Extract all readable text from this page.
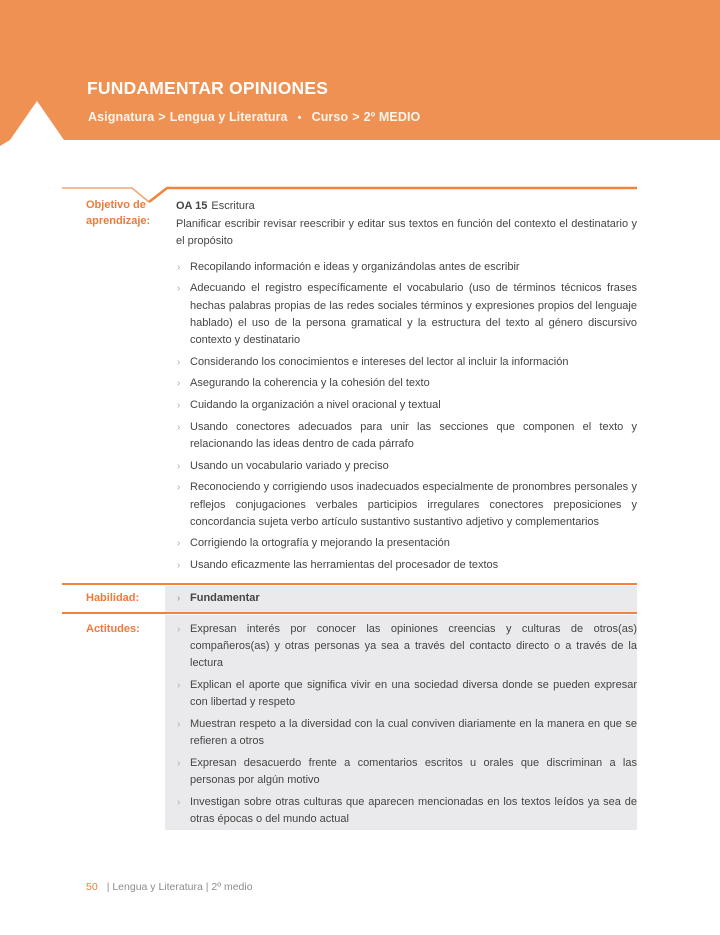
FUNDAMENTAR OPINIONES
Asignatura > Lengua y Literatura • Curso > 2º MEDIO
Objetivo de aprendizaje:

OA 15 Escritura

Planificar escribir revisar reescribir y editar sus textos en función del contexto el destinatario y el propósito

› Recopilando información e ideas y organizándolas antes de escribir
› Adecuando el registro específicamente el vocabulario (uso de términos técnicos frases hechas palabras propias de las redes sociales términos y expresiones propios del lenguaje hablado) el uso de la persona gramatical y la estructura del texto al género discursivo contexto y destinatario
› Considerando los conocimientos e intereses del lector al incluir la información
› Asegurando la coherencia y la cohesión del texto
› Cuidando la organización a nivel oracional y textual
› Usando conectores adecuados para unir las secciones que componen el texto y relacionando las ideas dentro de cada párrafo
› Usando un vocabulario variado y preciso
› Reconociendo y corrigiendo usos inadecuados especialmente de pronombres personales y reflejos conjugaciones verbales participios irregulares conectores preposiciones y concordancia sujeta verbo artículo sustantivo sustantivo adjetivo y complementarios
› Corrigiendo la ortografía y mejorando la presentación
› Usando eficazmente las herramientas del procesador de textos
Habilidad:	› Fundamentar
Actitudes:	› Expresan interés por conocer las opiniones creencias y culturas de otros(as) compañeros(as) y otras personas ya sea a través del contacto directo o a través de la lectura
› Explican el aporte que significa vivir en una sociedad diversa donde se pueden expresar con libertad y respeto
› Muestran respeto a la diversidad con la cual conviven diariamente en la manera en que se refieren a otros
› Expresan desacuerdo frente a comentarios escritos u orales que discriminan a las personas por algún motivo
› Investigan sobre otras culturas que aparecen mencionadas en los textos leídos ya sea de otras épocas o del mundo actual
50 | Lengua y Literatura | 2º medio
